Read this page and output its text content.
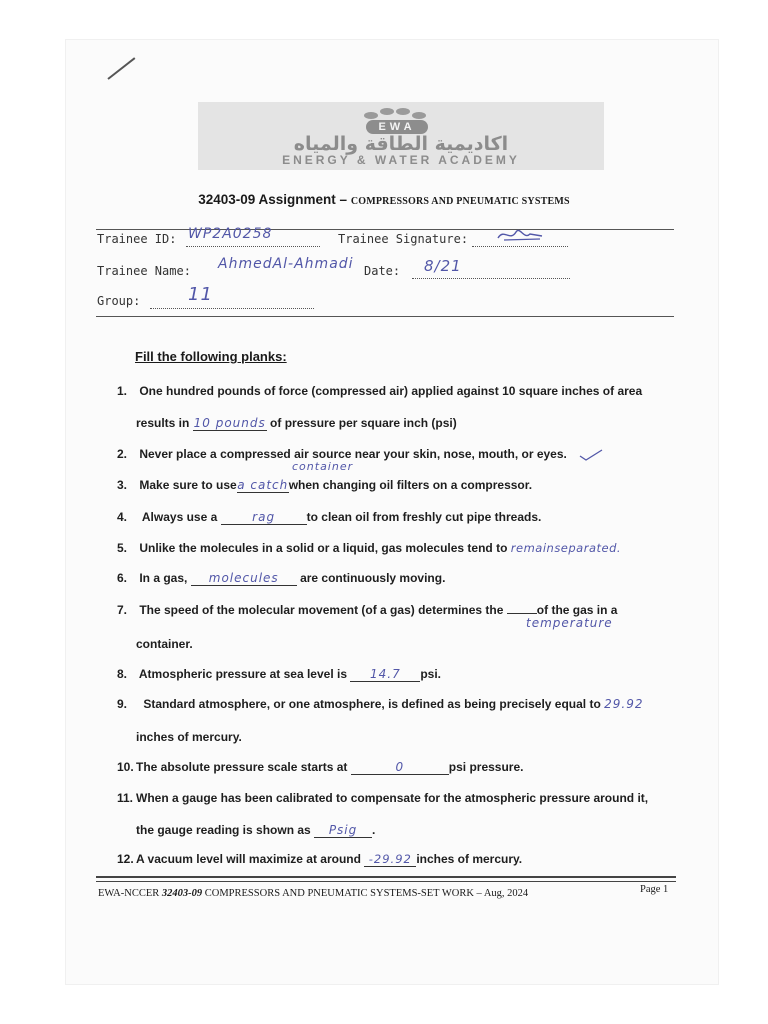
EWA
اكاديمية الطاقة والمياه
ENERGY & WATER ACADEMY
32403-09 Assignment – COMPRESSORS AND PNEUMATIC SYSTEMS
Trainee ID: WP2A0258	Trainee Signature:
Trainee Name: AhmedAl-Ahmadi Date: 8/21
Group:	11
Fill the following planks:
1. One hundred pounds of force (compressed air) applied against 10 square inches of area
results in 10 pounds of pressure per square inch (psi)
2. Never place a compressed air source near your skin, nose, mouth, or eyes.
container
3. Make sure to usea catchwhen changing oil filters on a compressor.
4. Always use a	rag	to clean oil from freshly cut pipe threads.
5. Unlike the molecules in a solid or a liquid, gas molecules tend to remainseparated.
6. In a gas, molecules are continuously moving.
7. The speed of the molecular movement (of a gas) determines the	of the gas in a
temperature
container.
8. Atmospheric pressure at sea level is 14.7 psi.
9. Standard atmosphere, or one atmosphere, is defined as being precisely equal to 29.92
inches of mercury.
10. The absolute pressure scale starts at	0	psi pressure.
11. When a gauge has been calibrated to compensate for the atmospheric pressure around it,
the gauge reading is shown as Psig .
12. A vacuum level will maximize at around -29.92 inches of mercury.
EWA-NCCER 32403-09 COMPRESSORS AND PNEUMATIC SYSTEMS-SET WORK – Aug, 2024	Page 1
